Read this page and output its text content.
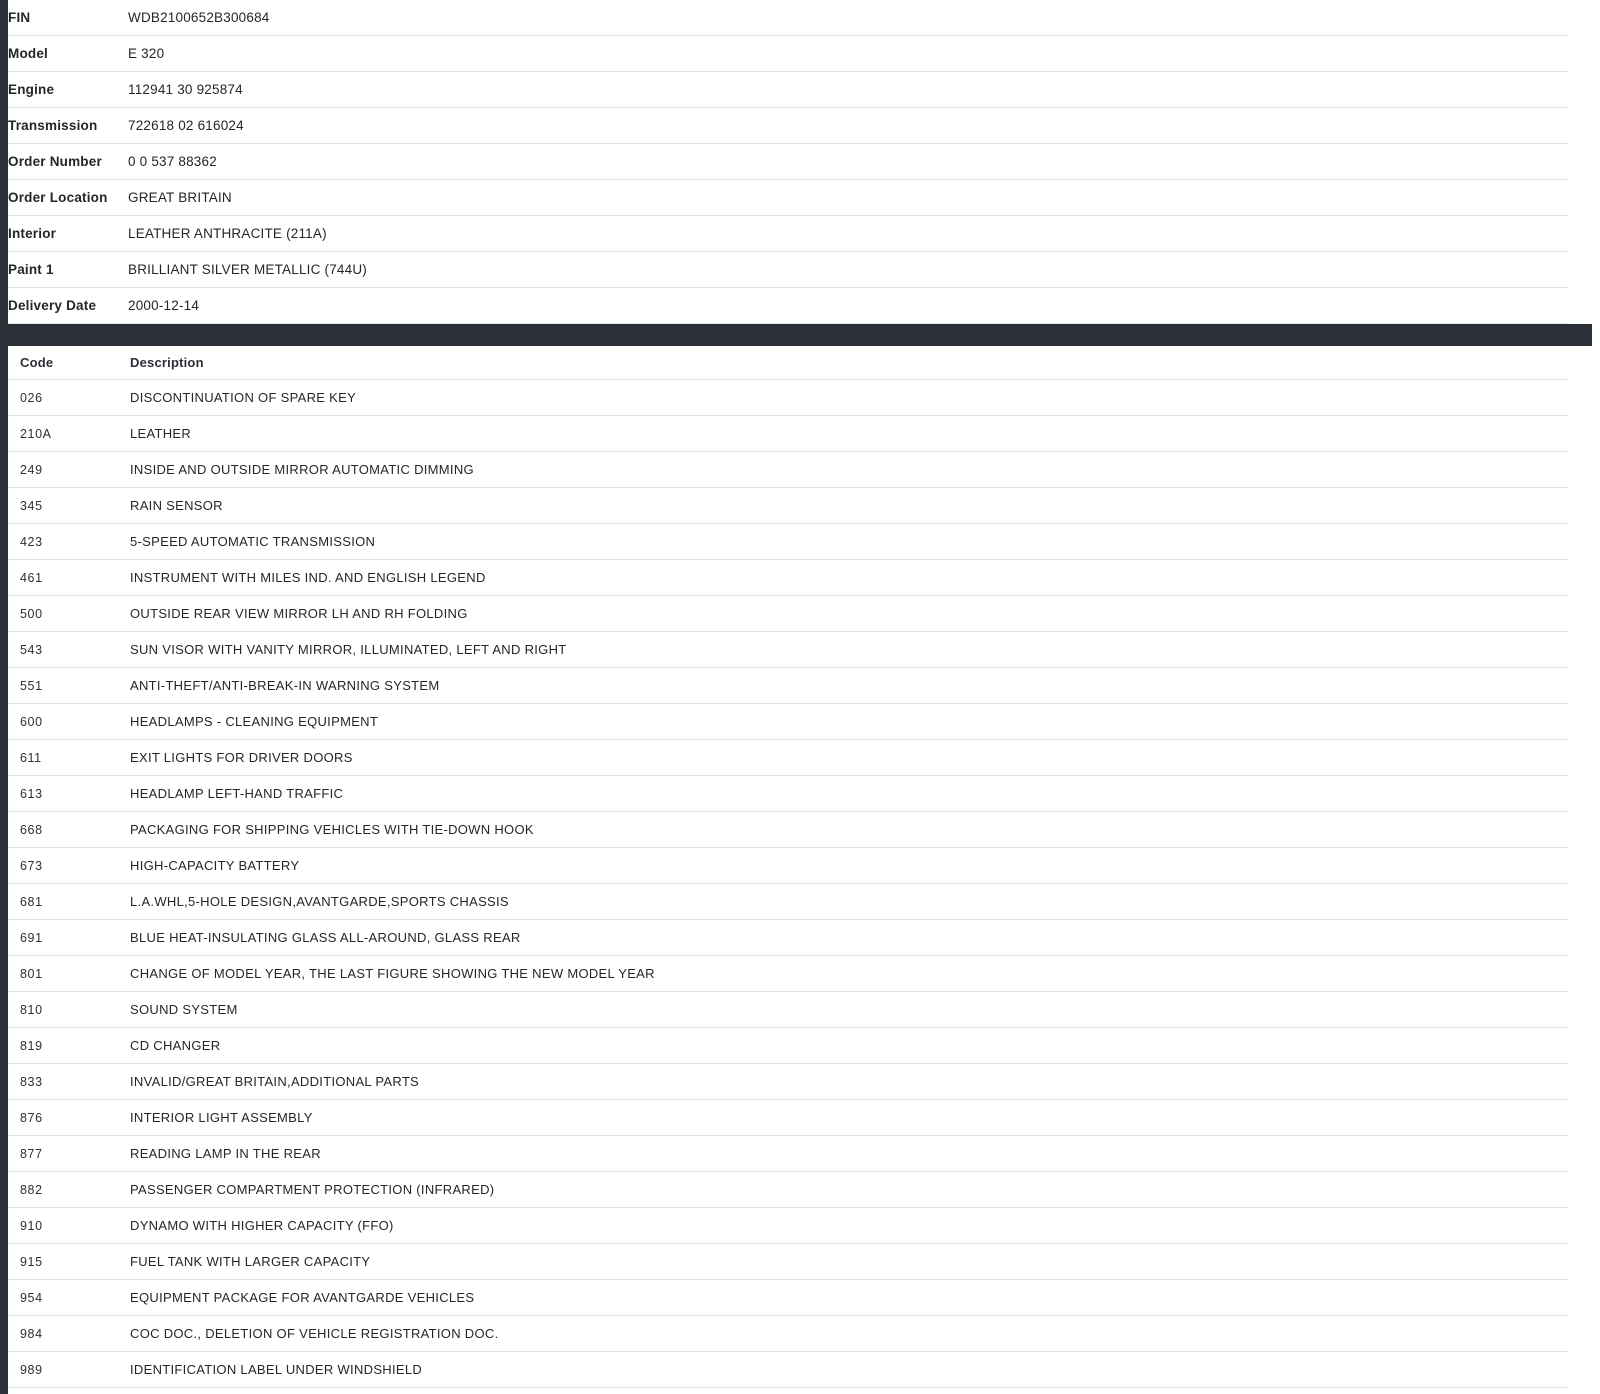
FIN	WDB2100652B300684
Model	E 320
Engine	112941 30 925874
Transmission	722618 02 616024
Order Number	0 0 537 88362
Order Location	GREAT BRITAIN
Interior	LEATHER ANTHRACITE (211A)
Paint 1	BRILLIANT SILVER METALLIC (744U)
Delivery Date	2000-12-14
Code	Description
026	DISCONTINUATION OF SPARE KEY
210A	LEATHER
249	INSIDE AND OUTSIDE MIRROR AUTOMATIC DIMMING
345	RAIN SENSOR
423	5-SPEED AUTOMATIC TRANSMISSION
461	INSTRUMENT WITH MILES IND. AND ENGLISH LEGEND
500	OUTSIDE REAR VIEW MIRROR LH AND RH FOLDING
543	SUN VISOR WITH VANITY MIRROR, ILLUMINATED, LEFT AND RIGHT
551	ANTI-THEFT/ANTI-BREAK-IN WARNING SYSTEM
600	HEADLAMPS - CLEANING EQUIPMENT
611	EXIT LIGHTS FOR DRIVER DOORS
613	HEADLAMP LEFT-HAND TRAFFIC
668	PACKAGING FOR SHIPPING VEHICLES WITH TIE-DOWN HOOK
673	HIGH-CAPACITY BATTERY
681	L.A.WHL,5-HOLE DESIGN,AVANTGARDE,SPORTS CHASSIS
691	BLUE HEAT-INSULATING GLASS ALL-AROUND, GLASS REAR
801	CHANGE OF MODEL YEAR, THE LAST FIGURE SHOWING THE NEW MODEL YEAR
810	SOUND SYSTEM
819	CD CHANGER
833	INVALID/GREAT BRITAIN,ADDITIONAL PARTS
876	INTERIOR LIGHT ASSEMBLY
877	READING LAMP IN THE REAR
882	PASSENGER COMPARTMENT PROTECTION (INFRARED)
910	DYNAMO WITH HIGHER CAPACITY (FFO)
915	FUEL TANK WITH LARGER CAPACITY
954	EQUIPMENT PACKAGE FOR AVANTGARDE VEHICLES
984	COC DOC., DELETION OF VEHICLE REGISTRATION DOC.
989	IDENTIFICATION LABEL UNDER WINDSHIELD
